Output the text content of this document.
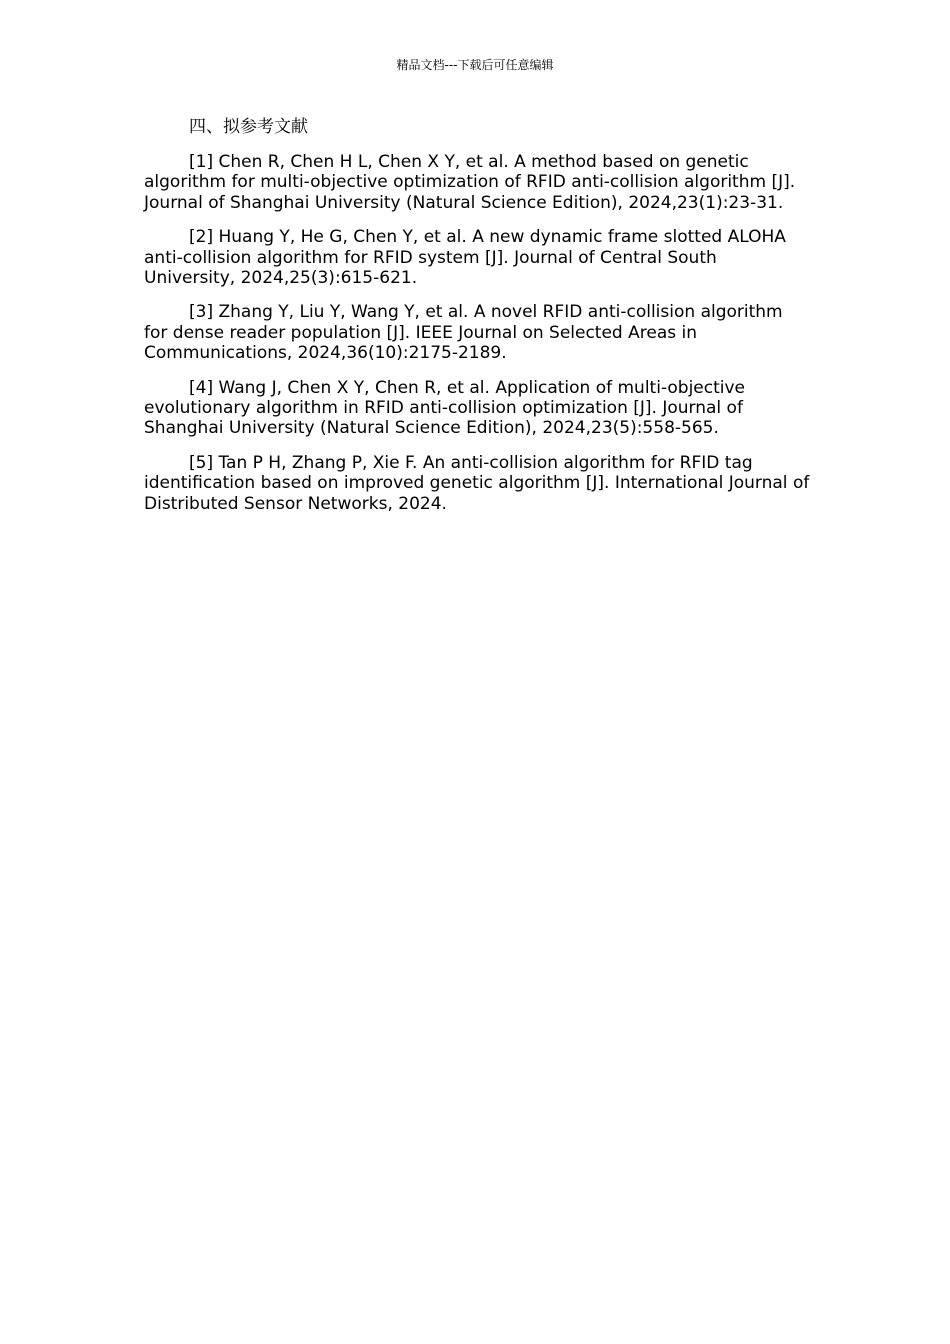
精品文档---下载后可任意编辑
四、拟参考文献
[1] Chen R, Chen H L, Chen X Y, et al. A method based on genetic algorithm for multi-objective optimization of RFID anti-collision algorithm [J]. Journal of Shanghai University (Natural Science Edition), 2024,23(1):23-31.
[2] Huang Y, He G, Chen Y, et al. A new dynamic frame slotted ALOHA anti-collision algorithm for RFID system [J]. Journal of Central South University, 2024,25(3):615-621.
[3] Zhang Y, Liu Y, Wang Y, et al. A novel RFID anti-collision algorithm for dense reader population [J]. IEEE Journal on Selected Areas in Communications, 2024,36(10):2175-2189.
[4] Wang J, Chen X Y, Chen R, et al. Application of multi-objective evolutionary algorithm in RFID anti-collision optimization [J]. Journal of Shanghai University (Natural Science Edition), 2024,23(5):558-565.
[5] Tan P H, Zhang P, Xie F. An anti-collision algorithm for RFID tag identification based on improved genetic algorithm [J]. International Journal of Distributed Sensor Networks, 2024.
